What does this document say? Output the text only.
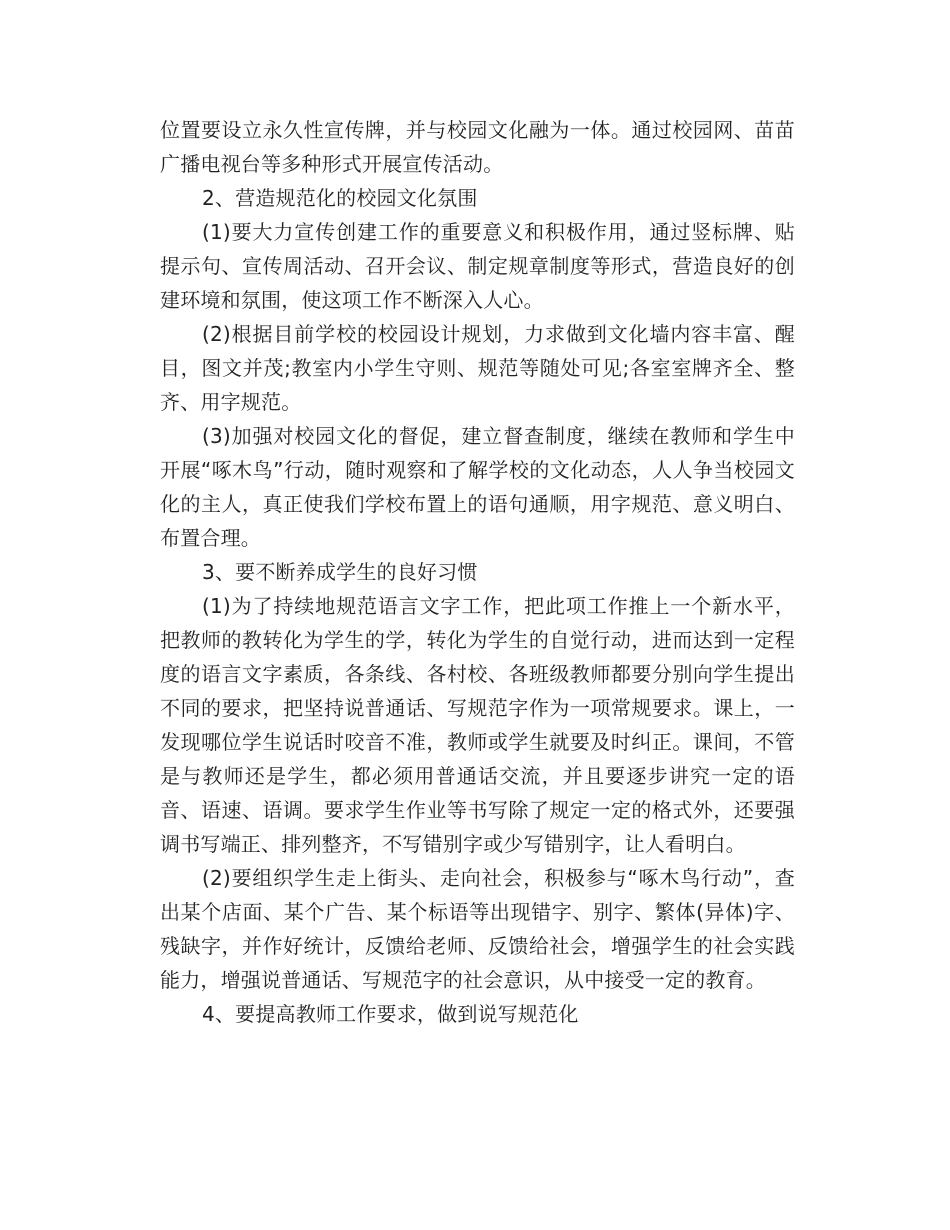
位置要设立永久性宣传牌，并与校园文化融为一体。通过校园网、苗苗广播电视台等多种形式开展宣传活动。

2、营造规范化的校园文化氛围

(1)要大力宣传创建工作的重要意义和积极作用，通过竖标牌、贴提示句、宣传周活动、召开会议、制定规章制度等形式，营造良好的创建环境和氛围，使这项工作不断深入人心。

(2)根据目前学校的校园设计规划，力求做到文化墙内容丰富、醒目，图文并茂;教室内小学生守则、规范等随处可见;各室室牌齐全、整齐、用字规范。

(3)加强对校园文化的督促，建立督查制度，继续在教师和学生中开展“啄木鸟”行动，随时观察和了解学校的文化动态，人人争当校园文化的主人，真正使我们学校布置上的语句通顺，用字规范、意义明白、布置合理。

3、要不断养成学生的良好习惯

(1)为了持续地规范语言文字工作，把此项工作推上一个新水平，把教师的教转化为学生的学，转化为学生的自觉行动，进而达到一定程度的语言文字素质，各条线、各村校、各班级教师都要分别向学生提出不同的要求，把坚持说普通话、写规范字作为一项常规要求。课上，一发现哪位学生说话时咬音不准，教师或学生就要及时纠正。课间，不管是与教师还是学生，都必须用普通话交流，并且要逐步讲究一定的语音、语速、语调。要求学生作业等书写除了规定一定的格式外，还要强调书写端正、排列整齐，不写错别字或少写错别字，让人看明白。

(2)要组织学生走上街头、走向社会，积极参与“啄木鸟行动”，查出某个店面、某个广告、某个标语等出现错字、别字、繁体(异体)字、残缺字，并作好统计，反馈给老师、反馈给社会，增强学生的社会实践能力，增强说普通话、写规范字的社会意识，从中接受一定的教育。

4、要提高教师工作要求，做到说写规范化
